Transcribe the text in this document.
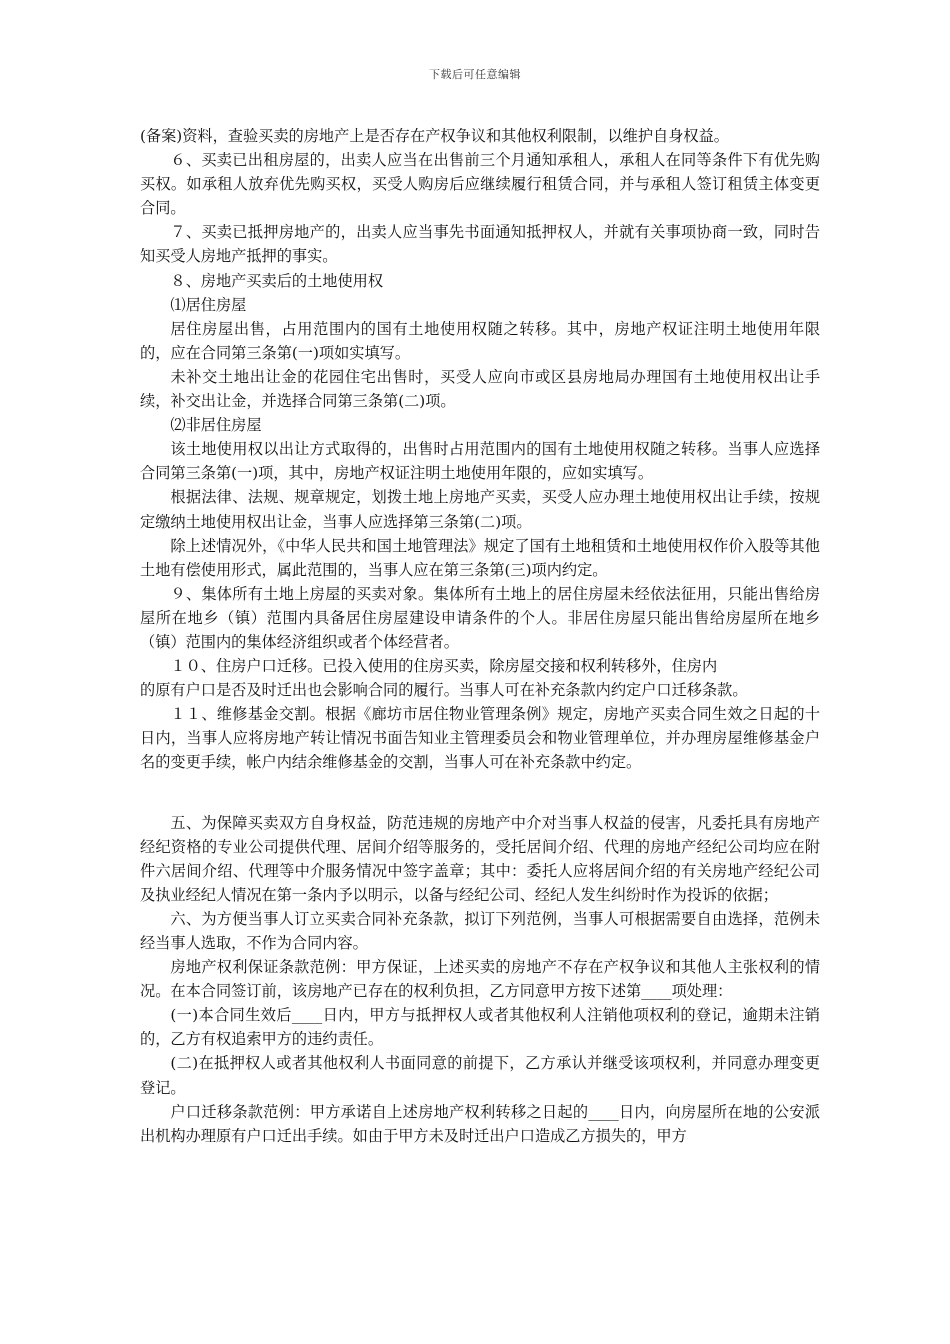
下载后可任意编辑

(备案)资料，查验买卖的房地产上是否存在产权争议和其他权利限制，以维护自身权益。

６、买卖已出租房屋的，出卖人应当在出售前三个月通知承租人，承租人在同等条件下有优先购买权。如承租人放弃优先购买权，买受人购房后应继续履行租赁合同，并与承租人签订租赁主体变更合同。

７、买卖已抵押房地产的，出卖人应当事先书面通知抵押权人，并就有关事项协商一致，同时告知买受人房地产抵押的事实。

８、房地产买卖后的土地使用权

⑴居住房屋

居住房屋出售，占用范围内的国有土地使用权随之转移。其中，房地产权证注明土地使用年限的，应在合同第三条第(一)项如实填写。

未补交土地出让金的花园住宅出售时，买受人应向市或区县房地局办理国有土地使用权出让手续，补交出让金，并选择合同第三条第(二)项。

⑵非居住房屋

该土地使用权以出让方式取得的，出售时占用范围内的国有土地使用权随之转移。当事人应选择合同第三条第(一)项，其中，房地产权证注明土地使用年限的，应如实填写。

根据法律、法规、规章规定，划拨土地上房地产买卖，买受人应办理土地使用权出让手续，按规定缴纳土地使用权出让金，当事人应选择第三条第(二)项。

除上述情况外，《中华人民共和国土地管理法》规定了国有土地租赁和土地使用权作价入股等其他土地有偿使用形式，属此范围的，当事人应在第三条第(三)项内约定。

９、集体所有土地上房屋的买卖对象。集体所有土地上的居住房屋未经依法征用，只能出售给房屋所在地乡（镇）范围内具备居住房屋建设申请条件的个人。非居住房屋只能出售给房屋所在地乡（镇）范围内的集体经济组织或者个体经营者。

１０、住房户口迁移。已投入使用的住房买卖，除房屋交接和权利转移外，住房内

的原有户口是否及时迁出也会影响合同的履行。当事人可在补充条款内约定户口迁移条款。

１１、维修基金交割。根据《廊坊市居住物业管理条例》规定，房地产买卖合同生效之日起的十日内，当事人应将房地产转让情况书面告知业主管理委员会和物业管理单位，并办理房屋维修基金户名的变更手续，帐户内结余维修基金的交割，当事人可在补充条款中约定。

五、为保障买卖双方自身权益，防范违规的房地产中介对当事人权益的侵害，凡委托具有房地产经纪资格的专业公司提供代理、居间介绍等服务的，受托居间介绍、代理的房地产经纪公司均应在附件六居间介绍、代理等中介服务情况中签字盖章；其中：委托人应将居间介绍的有关房地产经纪公司及执业经纪人情况在第一条内予以明示，以备与经纪公司、经纪人发生纠纷时作为投诉的依据；

六、为方便当事人订立买卖合同补充条款，拟订下列范例，当事人可根据需要自由选择，范例未经当事人选取，不作为合同内容。

房地产权利保证条款范例：甲方保证，上述买卖的房地产不存在产权争议和其他人主张权利的情况。在本合同签订前，该房地产已存在的权利负担，乙方同意甲方按下述第____项处理：

(一)本合同生效后____日内，甲方与抵押权人或者其他权利人注销他项权利的登记，逾期未注销的，乙方有权追索甲方的违约责任。

(二)在抵押权人或者其他权利人书面同意的前提下，乙方承认并继受该项权利，并同意办理变更登记。

户口迁移条款范例：甲方承诺自上述房地产权利转移之日起的____日内，向房屋所在地的公安派出机构办理原有户口迁出手续。如由于甲方未及时迁出户口造成乙方损失的，甲方
